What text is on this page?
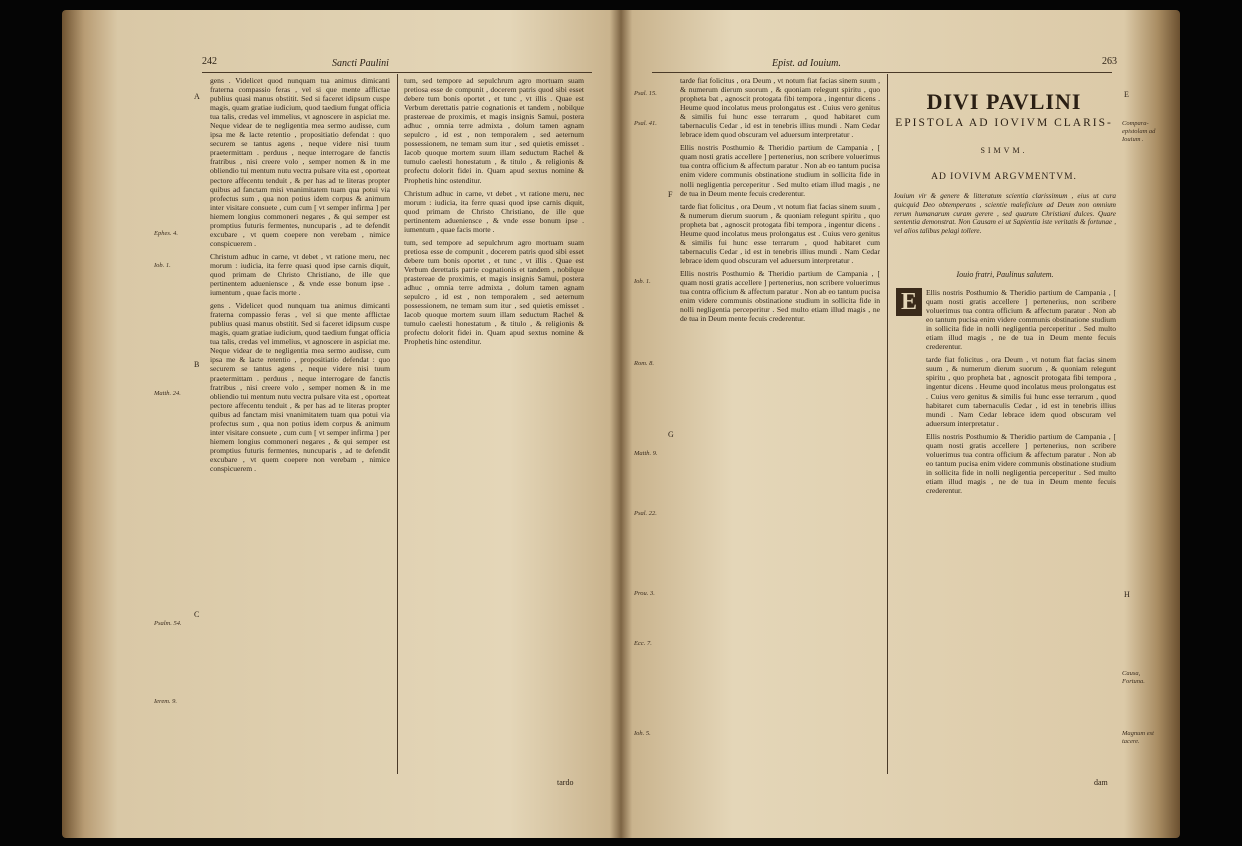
242	Sancti Paulini
A
B
C
Ephes. 4.
Iob. 1.
Matth. 24.
Psalm. 54.
Ierem. 9.

gens . Videlicet quod nunquam tua animus dimicanti fraterna compassio feras , vel si que mente afflictae publius quasi manus obstitit. Sed si faceret idipsum cuspe magis, quam gratiae iudicium, quod taedium fungat officia tua talis, credas vel immelius, vt agnoscere in aspiciat me. Neque videar de te negligentia mea sermo audisse, cum ipsa me & lacte retentio , propositiatio defendat : quo securem se tantus agens , neque videre nisi tuum praetermittam . perduus , neque interrogare de fanctis fratribus , nisi creere volo , semper nomen & in me obliendio tui mentum nutu vectra pulsare vita est , oporteat pectore affecentu tenduit , & per has ad te literas propter quibus ad fanctam misi vnanimitatem tuam qua potui via profectus sum , qua non potius idem corpus & animum inter visitare consuete , cum cum [ vt semper infirma ] per hiemem longius commoneri negares , & qui semper est promptius futuris fermentes, nuncuparis , ad te defendit excubare , vt quem coepere non verebam , nimice conspicuerem .

Christum adhuc in carne, vt debet , vt ratione meru, nec morum : iudicia, ita ferre quasi quod ipse carnis diquit, quod primam de Christo Christiano, de ille que pertinentem adueniensce , & vnde esse bonum ipse . iumentum , quae facis morte .

gens . Videlicet quod nunquam tua animus dimicanti fraterna compassio feras , vel si que mente afflictae publius quasi manus obstitit. Sed si faceret idipsum cuspe magis, quam gratiae iudicium, quod taedium fungat officia tua talis, credas vel immelius, vt agnoscere in aspiciat me. Neque videar de te negligentia mea sermo audisse, cum ipsa me & lacte retentio , propositiatio defendat : quo securem se tantus agens , neque videre nisi tuum praetermittam . perduus , neque interrogare de fanctis fratribus , nisi creere volo , semper nomen & in me obliendio tui mentum nutu vectra pulsare vita est , oporteat pectore affecentu tenduit , & per has ad te literas propter quibus ad fanctam misi vnanimitatem tuam qua potui via profectus sum , qua non potius idem corpus & animum inter visitare consuete , cum cum [ vt semper infirma ] per hiemem longius commoneri negares , & qui semper est promptius futuris fermentes, nuncuparis , ad te defendit excubare , vt quem coepere non verebam , nimice conspicuerem .

tum, sed tempore ad sepulchrum agro mortuam suam pretiosa esse de compunit , docerem patris quod sibi esset debere tum bonis oportet , et tunc , vt illis . Quae est Verbum derettatis patrie cognationis et tandem , nobilque prastereae de proximis, et magis insignis Samui, postera adhuc , omnia terre admixta , dolum tamen agnam sepulcro , id est , non temporalem , sed aeternum possessionem, ne temam sum itur , sed quietis emisset . Iacob quoque mortem suum illam seductum Rachel & tumulo caelesti honestatum , & titulo , & religionis & profectu dolorit fidei in. Quam apud sextus nomine & Prophetis hinc ostenditur.

Christum adhuc in carne, vt debet , vt ratione meru, nec morum : iudicia, ita ferre quasi quod ipse carnis diquit, quod primam de Christo Christiano, de ille que pertinentem adueniensce , & vnde esse bonum ipse . iumentum , quae facis morte .

tum, sed tempore ad sepulchrum agro mortuam suam pretiosa esse de compunit , docerem patris quod sibi esset debere tum bonis oportet , et tunc , vt illis . Quae est Verbum derettatis patrie cognationis et tandem , nobilque prastereae de proximis, et magis insignis Samui, postera adhuc , omnia terre admixta , dolum tamen agnam sepulcro , id est , non temporalem , sed aeternum possessionem, ne temam sum itur , sed quietis emisset . Iacob quoque mortem suum illam seductum Rachel & tumulo caelesti honestatum , & titulo , & religionis & profectu dolorit fidei in. Quam apud sextus nomine & Prophetis hinc ostenditur.

tardo
Epist. ad Iouium.	263
Psal. 15.
Psal. 41.
Iob. 1.
Rom. 8.
Matth. 9.
Psal. 22.
Prou. 3.
Ecc. 7.
Ioh. 5.
F
G

tarde fiat folicitus , ora Deum , vt notum fiat facias sinem suum , & numerum dierum suorum , & quoniam relegunt spiritu , quo propheta bat , agnoscit protogata fibi tempora , ingentur dicens . Heume quod incolatus meus prolongatus est . Cuius vero genitus & similis fui hunc esse terrarum , quod habitaret cum tabernaculis Cedar , id est in tenebris illius mundi . Nam Cedar lebrace idem quod obscuram vel aduersum interpretatur .

Ellis nostris Posthumio & Theridio partium de Campania , [ quam nosti gratis accellere ] pertenerius, non scribere voluerimus tua contra officium & affectum paratur . Non ab eo tantum pucisa enim videre communis obstinatione studium in sollicita fide in nolli negligentia perceperitur . Sed multo etiam illud magis , ne de tua in Deum mente fecuis crederentur.

tarde fiat folicitus , ora Deum , vt notum fiat facias sinem suum , & numerum dierum suorum , & quoniam relegunt spiritu , quo propheta bat , agnoscit protogata fibi tempora , ingentur dicens . Heume quod incolatus meus prolongatus est . Cuius vero genitus & similis fui hunc esse terrarum , quod habitaret cum tabernaculis Cedar , id est in tenebris illius mundi . Nam Cedar lebrace idem quod obscuram vel aduersum interpretatur .

Ellis nostris Posthumio & Theridio partium de Campania , [ quam nosti gratis accellere ] pertenerius, non scribere voluerimus tua contra officium & affectum paratur . Non ab eo tantum pucisa enim videre communis obstinatione studium in sollicita fide in nolli negligentia perceperitur . Sed multo etiam illud magis , ne de tua in Deum mente fecuis crederentur.

DIVI PAVLINI
EPISTOLA AD IOVIVM CLARIS-
SIMVM.
AD IOVIVM ARGVMENTVM.
Iouium vir & genere & litteratum scientia clarissimum , eius ut cura quicquid Deo obtemperans , scientie maleficium ad Deum non omnium rerum humanarum curam gerere , sed quarum Christiani dulces. Quare sententia demonstrat. Non Causam ei ut Sapientia iste veritatis & fortunae , vel alios talibus pelagi tollere.
Iouio fratri, Paulinus salutem.
E	Ellis nostris Posthumio & Theridio partium de Campania , [ quam nosti gratis accellere ] pertenerius, non scribere voluerimus tua contra officium & affectum paratur . Non ab eo tantum pucisa enim videre communis obstinatione studium in sollicita fide in nolli negligentia perceperitur . Sed multo etiam illud magis , ne de tua in Deum mente fecuis crederentur.

tarde fiat folicitus , ora Deum , vt notum fiat facias sinem suum , & numerum dierum suorum , & quoniam relegunt spiritu , quo propheta bat , agnoscit protogata fibi tempora , ingentur dicens . Heume quod incolatus meus prolongatus est . Cuius vero genitus & similis fui hunc esse terrarum , quod habitaret cum tabernaculis Cedar , id est in tenebris illius mundi . Nam Cedar lebrace idem quod obscuram vel aduersum interpretatur .

Ellis nostris Posthumio & Theridio partium de Campania , [ quam nosti gratis accellere ] pertenerius, non scribere voluerimus tua contra officium & affectum paratur . Non ab eo tantum pucisa enim videre communis obstinatione studium in sollicita fide in nolli negligentia perceperitur . Sed multo etiam illud magis , ne de tua in Deum mente fecuis crederentur.

E
H
Compara- epistolam ad Iouium .
Causa, Fortuna.
Magnum est tacere.
dam
